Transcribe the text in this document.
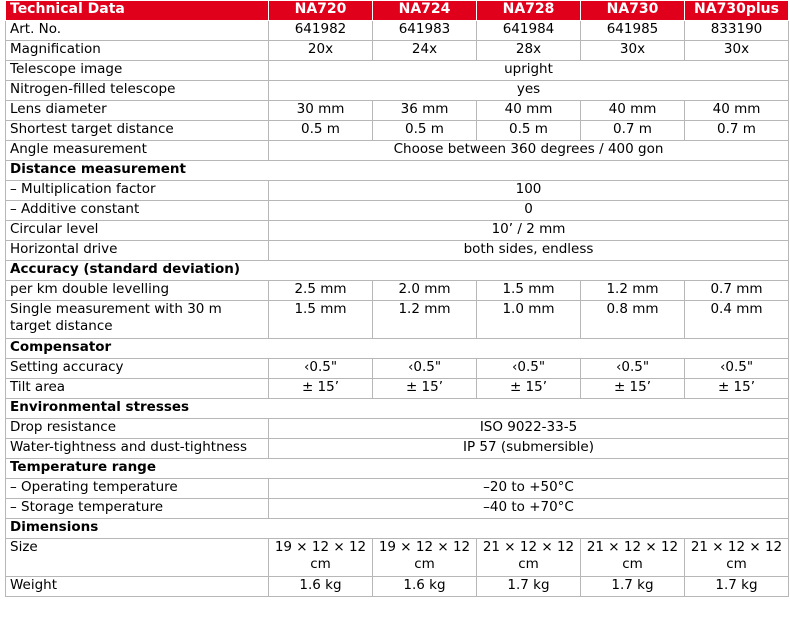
Technical Data	NA720	NA724	NA728	NA730	NA730plus
Art. No.	641982	641983	641984	641985	833190
Magnification	20x	24x	28x	30x	30x
Telescope image	upright				
Nitrogen-filled telescope	yes				
Lens diameter	30 mm	36 mm	40 mm	40 mm	40 mm
Shortest target distance	0.5 m	0.5 m	0.5 m	0.7 m	0.7 m
Angle measurement	Choose between 360 degrees / 400 gon				
Distance measurement					
– Multiplication factor	100				
– Additive constant	0				
Circular level	10’ / 2 mm				
Horizontal drive	both sides, endless				
Accuracy (standard deviation)					
per km double levelling	2.5 mm	2.0 mm	1.5 mm	1.2 mm	0.7 mm
Single measurement with 30 m target distance	1.5 mm	1.2 mm	1.0 mm	0.8 mm	0.4 mm
Compensator					
Setting accuracy	‹0.5"	‹0.5"	‹0.5"	‹0.5"	‹0.5"
Tilt area	± 15’	± 15’	± 15’	± 15’	± 15’
Environmental stresses					
Drop resistance	ISO 9022-33-5				
Water-tightness and dust-tightness	IP 57 (submersible)				
Temperature range					
– Operating temperature	–20 to +50°C				
– Storage temperature	–40 to +70°C				
Dimensions					
Size	19 × 12 × 12 cm	19 × 12 × 12 cm	21 × 12 × 12 cm	21 × 12 × 12 cm	21 × 12 × 12 cm
Weight	1.6 kg	1.6 kg	1.7 kg	1.7 kg	1.7 kg
